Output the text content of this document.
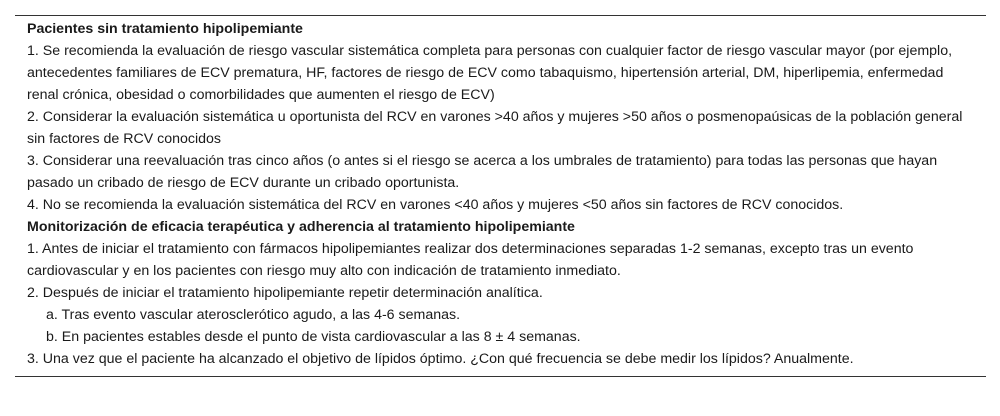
Pacientes sin tratamiento hipolipemiante
1. Se recomienda la evaluación de riesgo vascular sistemática completa para personas con cualquier factor de riesgo vascular mayor (por ejemplo, antecedentes familiares de ECV prematura, HF, factores de riesgo de ECV como tabaquismo, hipertensión arterial, DM, hiperlipemia, enfermedad renal crónica, obesidad o comorbilidades que aumenten el riesgo de ECV)
2. Considerar la evaluación sistemática u oportunista del RCV en varones >40 años y mujeres >50 años o posmenopaúsicas de la población general sin factores de RCV conocidos
3. Considerar una reevaluación tras cinco años (o antes si el riesgo se acerca a los umbrales de tratamiento) para todas las personas que hayan pasado un cribado de riesgo de ECV durante un cribado oportunista.
4. No se recomienda la evaluación sistemática del RCV en varones <40 años y mujeres <50 años sin factores de RCV conocidos.
Monitorización de eficacia terapéutica y adherencia al tratamiento hipolipemiante
1. Antes de iniciar el tratamiento con fármacos hipolipemiantes realizar dos determinaciones separadas 1-2 semanas, excepto tras un evento cardiovascular y en los pacientes con riesgo muy alto con indicación de tratamiento inmediato.
2. Después de iniciar el tratamiento hipolipemiante repetir determinación analítica.
a. Tras evento vascular aterosclerótico agudo, a las 4-6 semanas.
b. En pacientes estables desde el punto de vista cardiovascular a las 8 ± 4 semanas.
3. Una vez que el paciente ha alcanzado el objetivo de lípidos óptimo. ¿Con qué frecuencia se debe medir los lípidos? Anualmente.
